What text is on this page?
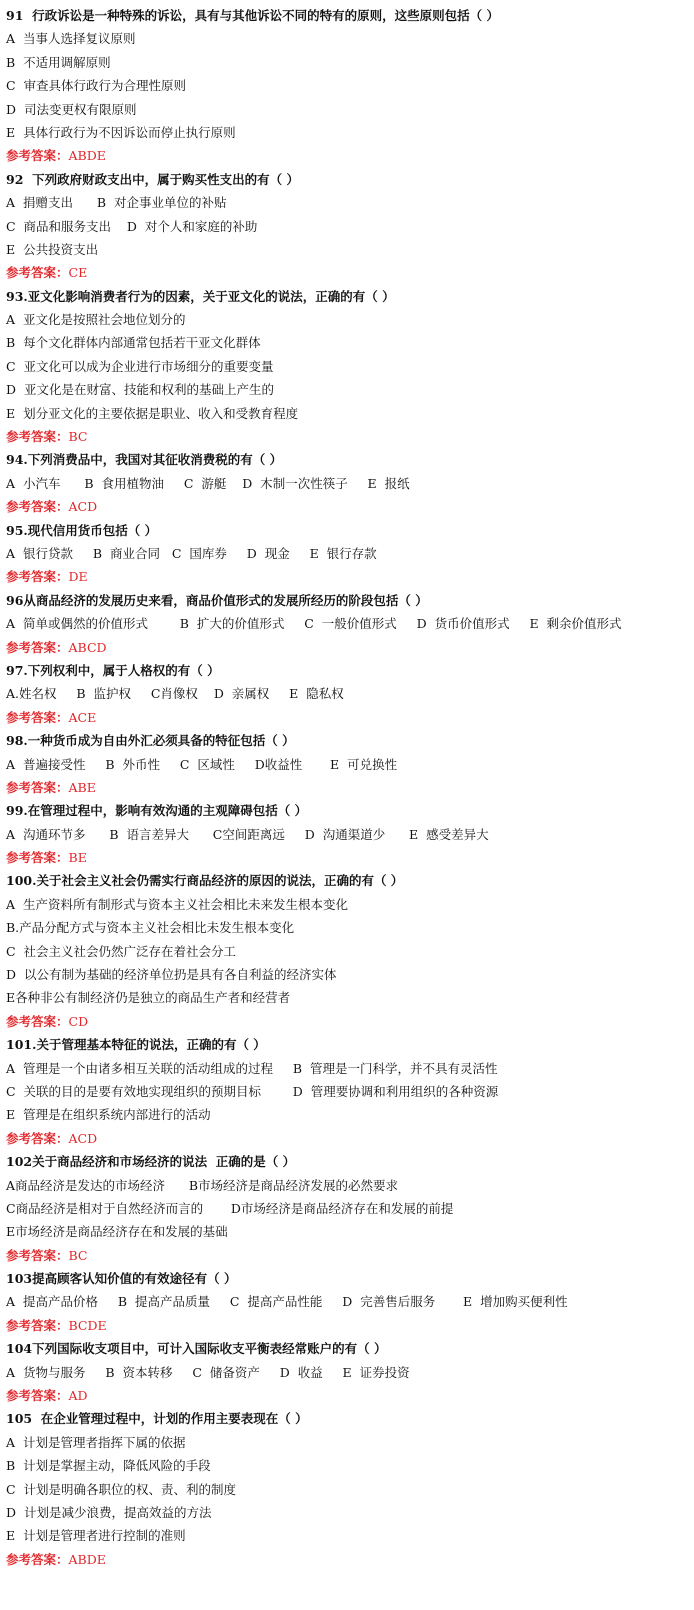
91  行政诉讼是一种特殊的诉讼，具有与其他诉讼不同的特有的原则，这些原则包括（ ）
A  当事人选择复议原则
B  不适用调解原则
C  审查具体行政行为合理性原则
D  司法变更权有限原则
E  具体行政行为不因诉讼而停止执行原则
参考答案：ABDE
92  下列政府财政支出中，属于购买性支出的有（ ）
A  捐赠支出      B  对企事业单位的补贴
C  商品和服务支出    D  对个人和家庭的补助
E  公共投资支出
参考答案：CE
93.亚文化影响消费者行为的因素，关于亚文化的说法，正确的有（ ）
A  亚文化是按照社会地位划分的
B  每个文化群体内部通常包括若干亚文化群体
C  亚文化可以成为企业进行市场细分的重要变量
D  亚文化是在财富、技能和权利的基础上产生的
E  划分亚文化的主要依据是职业、收入和受教育程度
参考答案：BC
94.下列消费品中，我国对其征收消费税的有（ ）
A  小汽车      B  食用植物油     C  游艇    D  木制一次性筷子     E  报纸
参考答案：ACD
95.现代信用货币包括（ ）
A  银行贷款     B  商业合同   C  国库券     D  现金     E  银行存款
参考答案：DE
96从商品经济的发展历史来看，商品价值形式的发展所经历的阶段包括（ ）
A  简单或偶然的价值形式        B  扩大的价值形式     C  一般价值形式     D  货币价值形式     E  剩余价值形式
参考答案：ABCD
97.下列权利中，属于人格权的有（ ）
A.姓名权     B  监护权     C肖像权    D  亲属权     E  隐私权
参考答案：ACE
98.一种货币成为自由外汇必须具备的特征包括（ ）
A  普遍接受性     B  外币性     C  区域性     D收益性       E  可兑换性
参考答案：ABE
99.在管理过程中，影响有效沟通的主观障碍包括（ ）
A  沟通环节多      B  语言差异大      C空间距离远     D  沟通渠道少      E  感受差异大
参考答案：BE
100.关于社会主义社会仍需实行商品经济的原因的说法，正确的有（ ）
A  生产资料所有制形式与资本主义社会相比未来发生根本变化
B.产品分配方式与资本主义社会相比未发生根本变化
C  社会主义社会仍然广泛存在着社会分工
D  以公有制为基础的经济单位扔是具有各自利益的经济实体
E各种非公有制经济仍是独立的商品生产者和经营者
参考答案：CD
101.关于管理基本特征的说法，正确的有（ ）
A  管理是一个由诸多相互关联的活动组成的过程     B  管理是一门科学，并不具有灵活性
C  关联的目的是要有效地实现组织的预期目标        D  管理要协调和利用组织的各种资源
E  管理是在组织系统内部进行的活动
参考答案：ACD
102关于商品经济和市场经济的说法  正确的是（ ）
A商品经济是发达的市场经济      B市场经济是商品经济发展的必然要求
C商品经济是相对于自然经济而言的       D市场经济是商品经济存在和发展的前提
E市场经济是商品经济存在和发展的基础
参考答案：BC
103提高顾客认知价值的有效途径有（ ）
A  提高产品价格     B  提高产品质量     C  提高产品性能     D  完善售后服务       E  增加购买便利性
参考答案：BCDE
104下列国际收支项目中，可计入国际收支平衡表经常账户的有（ ）
A  货物与服务     B  资本转移     C  储备资产     D  收益     E  证券投资
参考答案：AD
105  在企业管理过程中，计划的作用主要表现在（ ）
A  计划是管理者指挥下属的依据
B  计划是掌握主动，降低风险的手段
C  计划是明确各职位的权、责、利的制度
D  计划是减少浪费，提高效益的方法
E  计划是管理者进行控制的准则
参考答案：ABDE
